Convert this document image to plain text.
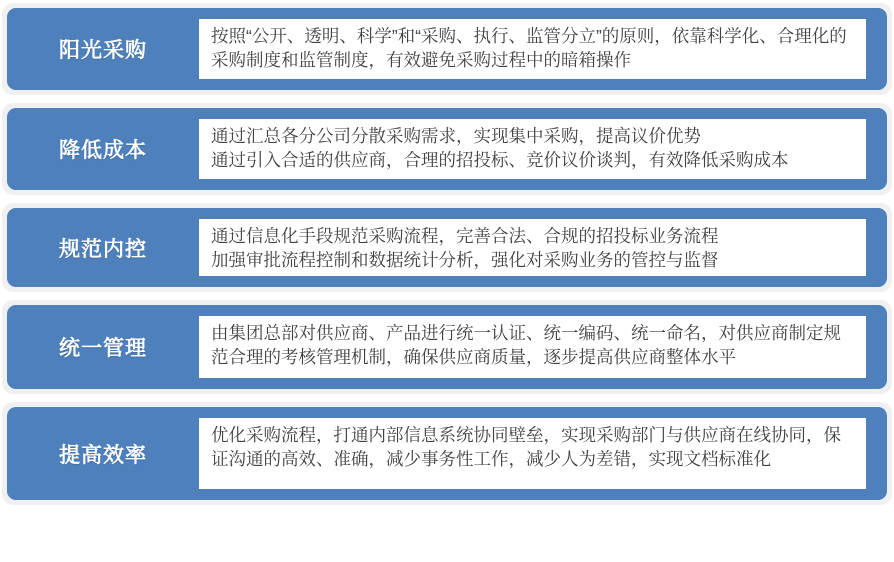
阳光采购
按照“公开、透明、科学”和“采购、执行、监管分立”的原则，依靠科学化、合理化的采购制度和监管制度，有效避免采购过程中的暗箱操作
降低成本
通过汇总各分公司分散采购需求，实现集中采购，提高议价优势
通过引入合适的供应商，合理的招投标、竞价议价谈判，有效降低采购成本
规范内控
通过信息化手段规范采购流程，完善合法、合规的招投标业务流程
加强审批流程控制和数据统计分析，强化对采购业务的管控与监督
统一管理
由集团总部对供应商、产品进行统一认证、统一编码、统一命名，对供应商制定规范合理的考核管理机制，确保供应商质量，逐步提高供应商整体水平
提高效率
优化采购流程，打通内部信息系统协同壁垒，实现采购部门与供应商在线协同，保证沟通的高效、准确，减少事务性工作，减少人为差错，实现文档标准化
